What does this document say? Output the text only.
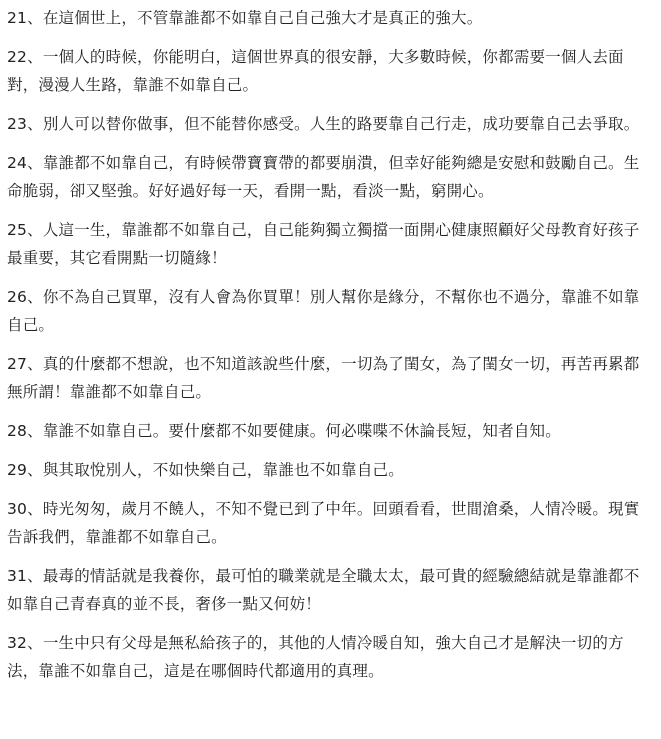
21、在這個世上，不管靠誰都不如靠自己自己強大才是真正的強大。

22、一個人的時候，你能明白，這個世界真的很安靜，大多數時候，你都需要一個人去面對，漫漫人生路，靠誰不如靠自己。

23、別人可以替你做事，但不能替你感受。人生的路要靠自己行走，成功要靠自己去爭取。

24、靠誰都不如靠自己，有時候帶寶寶帶的都要崩潰，但幸好能夠總是安慰和鼓勵自己。生命脆弱，卻又堅強。好好過好每一天，看開一點，看淡一點，窮開心。

25、人這一生，靠誰都不如靠自己，自己能夠獨立獨擋一面開心健康照顧好父母教育好孩子最重要，其它看開點一切隨緣！

26、你不為自己買單，沒有人會為你買單！別人幫你是緣分，不幫你也不過分，靠誰不如靠自己。

27、真的什麼都不想說，也不知道該說些什麼，一切為了閨女，為了閨女一切，再苦再累都無所謂！靠誰都不如靠自己。

28、靠誰不如靠自己。要什麼都不如要健康。何必喋喋不休論長短，知者自知。

29、與其取悅別人，不如快樂自己，靠誰也不如靠自己。

30、時光匆匆，歲月不饒人，不知不覺已到了中年。回頭看看，世間滄桑，人情冷暖。現實告訴我們，靠誰都不如靠自己。

31、最毒的情話就是我養你，最可怕的職業就是全職太太，最可貴的經驗總結就是靠誰都不如靠自己青春真的並不長，奢侈一點又何妨！

32、一生中只有父母是無私給孩子的，其他的人情冷暖自知，強大自己才是解決一切的方法，靠誰不如靠自己，這是在哪個時代都適用的真理。
